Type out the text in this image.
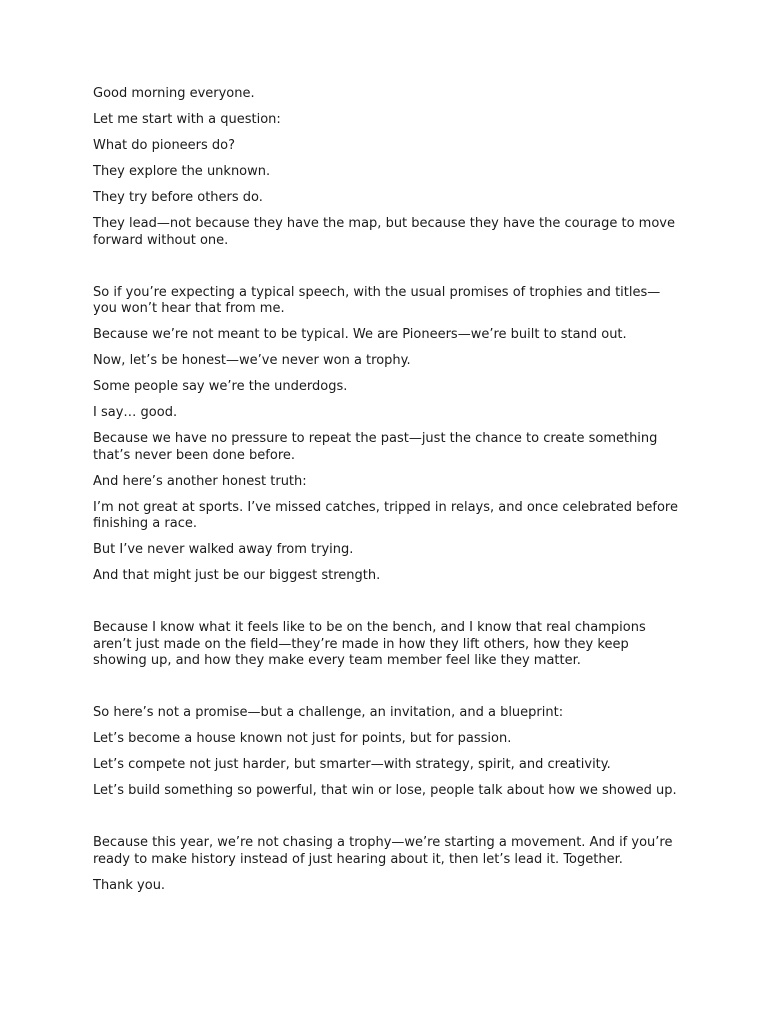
Good morning everyone.

Let me start with a question:

What do pioneers do?

They explore the unknown.

They try before others do.

They lead—not because they have the map, but because they have the courage to move forward without one.

So if you’re expecting a typical speech, with the usual promises of trophies and titles—you won’t hear that from me.

Because we’re not meant to be typical. We are Pioneers—we’re built to stand out.

Now, let’s be honest—we’ve never won a trophy.

Some people say we’re the underdogs.

I say… good.

Because we have no pressure to repeat the past—just the chance to create something that’s never been done before.

And here’s another honest truth:

I’m not great at sports. I’ve missed catches, tripped in relays, and once celebrated before finishing a race.

But I’ve never walked away from trying.

And that might just be our biggest strength.

Because I know what it feels like to be on the bench, and I know that real champions aren’t just made on the field—they’re made in how they lift others, how they keep showing up, and how they make every team member feel like they matter.

So here’s not a promise—but a challenge, an invitation, and a blueprint:

Let’s become a house known not just for points, but for passion.

Let’s compete not just harder, but smarter—with strategy, spirit, and creativity.

Let’s build something so powerful, that win or lose, people talk about how we showed up.

Because this year, we’re not chasing a trophy—we’re starting a movement. And if you’re ready to make history instead of just hearing about it, then let’s lead it. Together.

Thank you.
